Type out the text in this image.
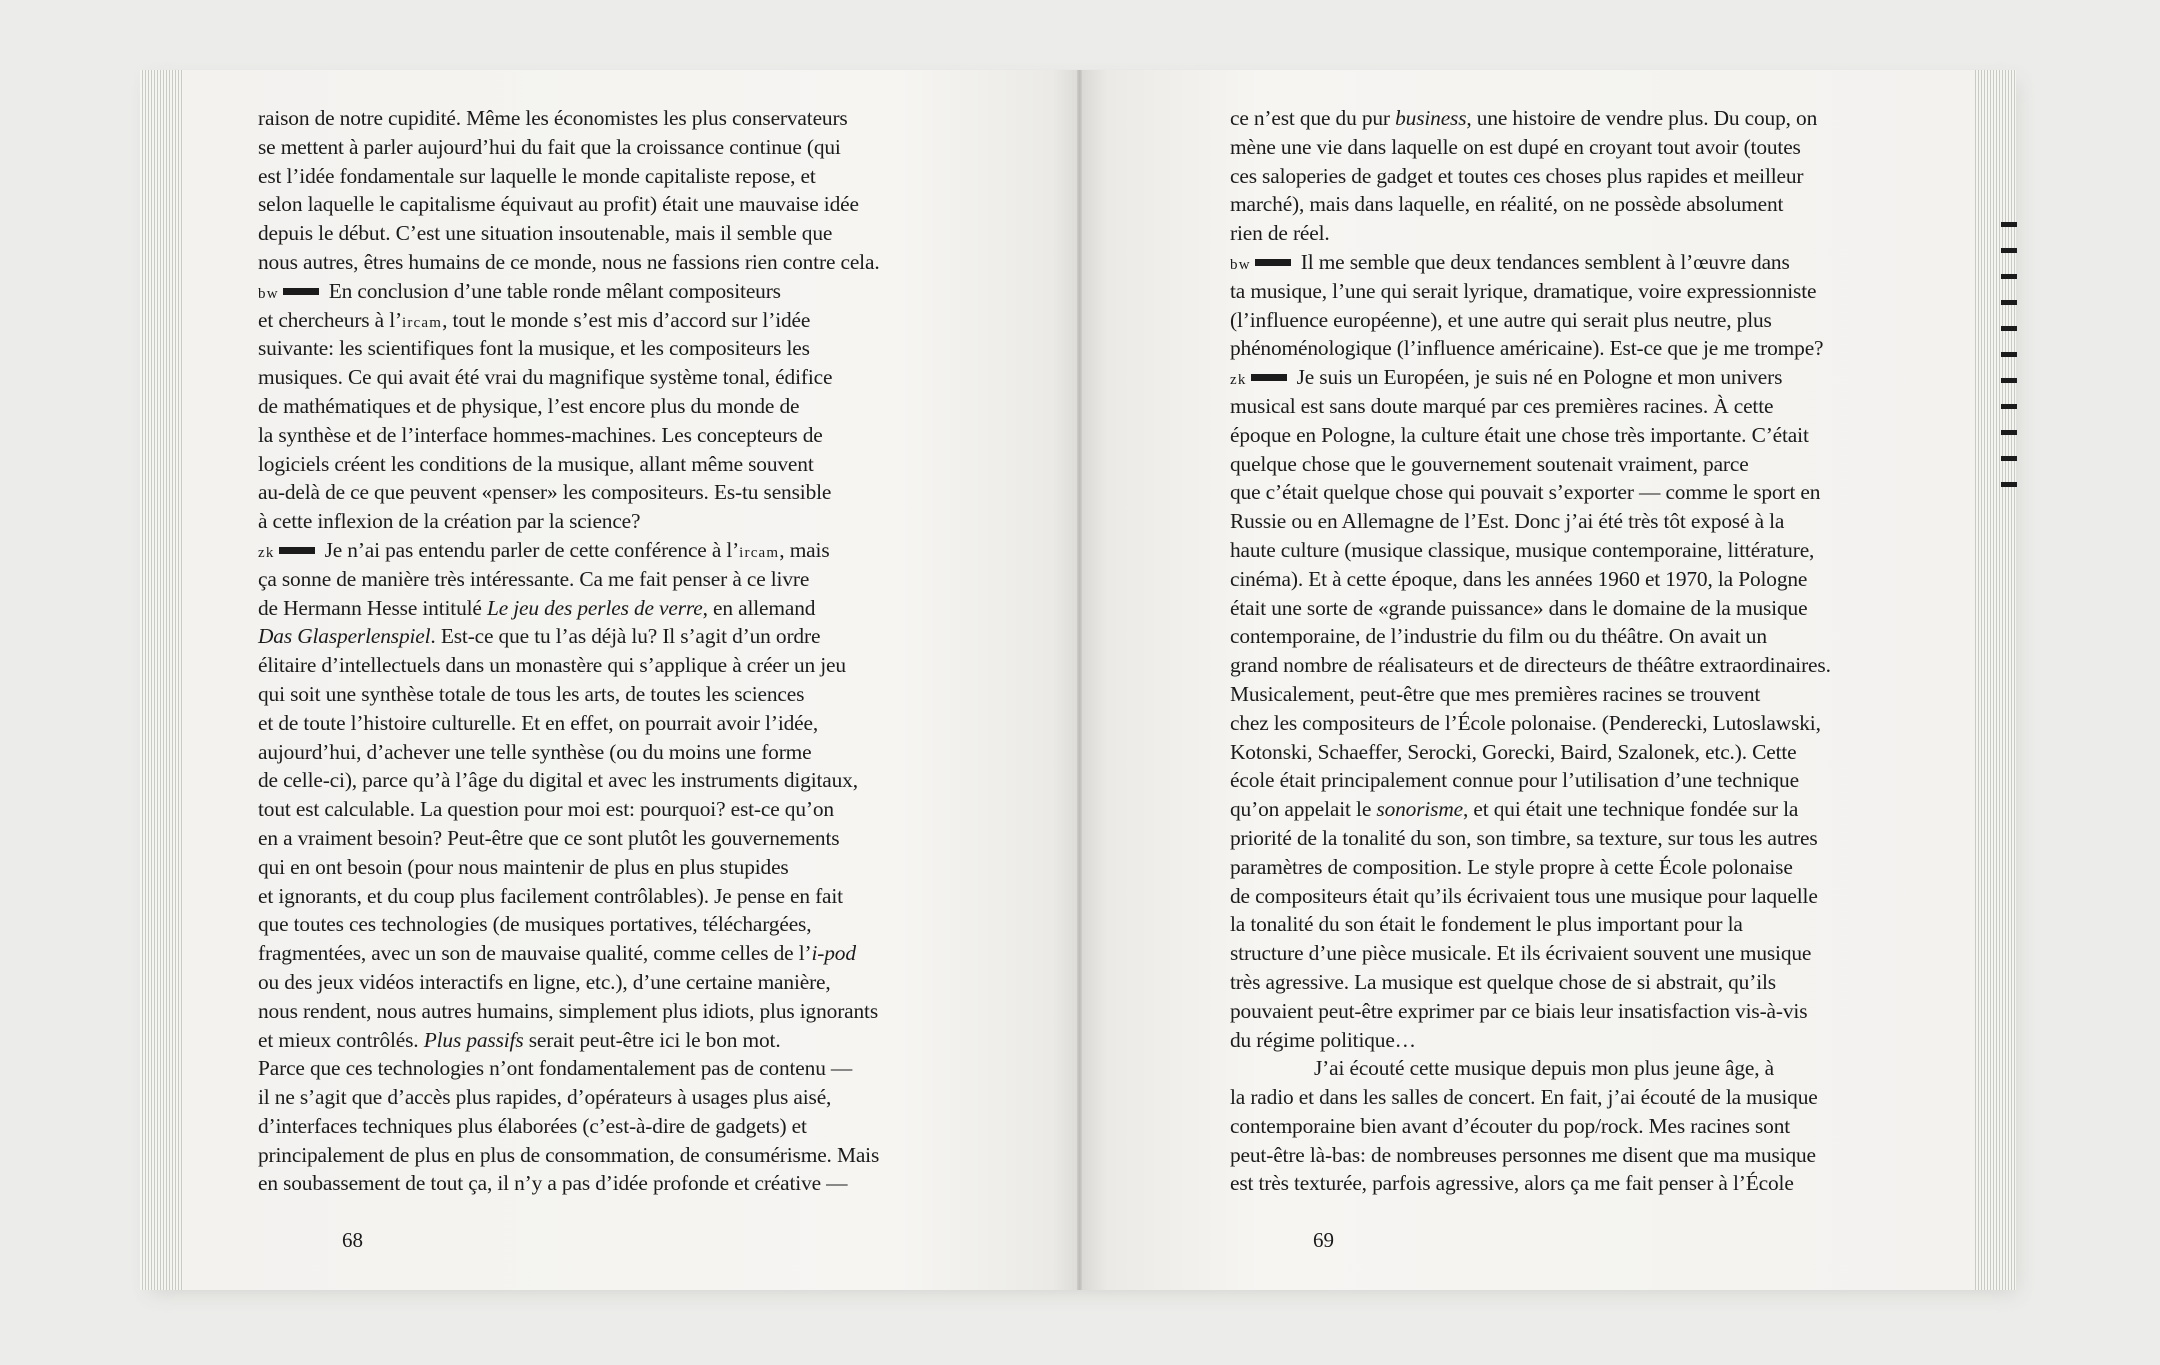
raison de notre cupidité. Même les économistes les plus conservateurs
se mettent à parler aujourd’hui du fait que la croissance continue (qui
est l’idée fondamentale sur laquelle le monde capitaliste repose, et
selon laquelle le capitalisme équivaut au profit) était une mauvaise idée
depuis le début. C’est une situation insoutenable, mais il semble que
nous autres, êtres humains de ce monde, nous ne fassions rien contre cela.
bw En conclusion d’une table ronde mêlant compositeurs
et chercheurs à l’ircam, tout le monde s’est mis d’accord sur l’idée
suivante: les scientifiques font la musique, et les compositeurs les
musiques. Ce qui avait été vrai du magnifique système tonal, édifice
de mathématiques et de physique, l’est encore plus du monde de
la synthèse et de l’interface hommes-machines. Les concepteurs de
logiciels créent les conditions de la musique, allant même souvent
au-delà de ce que peuvent «penser» les compositeurs. Es-tu sensible
à cette inflexion de la création par la science?
zk Je n’ai pas entendu parler de cette conférence à l’ircam, mais
ça sonne de manière très intéressante. Ca me fait penser à ce livre
de Hermann Hesse intitulé Le jeu des perles de verre, en allemand
Das Glasperlenspiel. Est-ce que tu l’as déjà lu? Il s’agit d’un ordre
élitaire d’intellectuels dans un monastère qui s’applique à créer un jeu
qui soit une synthèse totale de tous les arts, de toutes les sciences
et de toute l’histoire culturelle. Et en effet, on pourrait avoir l’idée,
aujourd’hui, d’achever une telle synthèse (ou du moins une forme
de celle-ci), parce qu’à l’âge du digital et avec les instruments digitaux,
tout est calculable. La question pour moi est: pourquoi? est-ce qu’on
en a vraiment besoin? Peut-être que ce sont plutôt les gouvernements
qui en ont besoin (pour nous maintenir de plus en plus stupides
et ignorants, et du coup plus facilement contrôlables). Je pense en fait
que toutes ces technologies (de musiques portatives, téléchargées,
fragmentées, avec un son de mauvaise qualité, comme celles de l’i-pod
ou des jeux vidéos interactifs en ligne, etc.), d’une certaine manière,
nous rendent, nous autres humains, simplement plus idiots, plus ignorants
et mieux contrôlés. Plus passifs serait peut-être ici le bon mot.
Parce que ces technologies n’ont fondamentalement pas de contenu —
il ne s’agit que d’accès plus rapides, d’opérateurs à usages plus aisé,
d’interfaces techniques plus élaborées (c’est-à-dire de gadgets) et
principalement de plus en plus de consommation, de consumérisme. Mais
en soubassement de tout ça, il n’y a pas d’idée profonde et créative —
ce n’est que du pur business, une histoire de vendre plus. Du coup, on
mène une vie dans laquelle on est dupé en croyant tout avoir (toutes
ces saloperies de gadget et toutes ces choses plus rapides et meilleur
marché), mais dans laquelle, en réalité, on ne possède absolument
rien de réel.
bw Il me semble que deux tendances semblent à l’œuvre dans
ta musique, l’une qui serait lyrique, dramatique, voire expressionniste
(l’influence européenne), et une autre qui serait plus neutre, plus
phénoménologique (l’influence américaine). Est-ce que je me trompe?
zk Je suis un Européen, je suis né en Pologne et mon univers
musical est sans doute marqué par ces premières racines. À cette
époque en Pologne, la culture était une chose très importante. C’était
quelque chose que le gouvernement soutenait vraiment, parce
que c’était quelque chose qui pouvait s’exporter — comme le sport en
Russie ou en Allemagne de l’Est. Donc j’ai été très tôt exposé à la
haute culture (musique classique, musique contemporaine, littérature,
cinéma). Et à cette époque, dans les années 1960 et 1970, la Pologne
était une sorte de «grande puissance» dans le domaine de la musique
contemporaine, de l’industrie du film ou du théâtre. On avait un
grand nombre de réalisateurs et de directeurs de théâtre extraordinaires.
Musicalement, peut-être que mes premières racines se trouvent
chez les compositeurs de l’École polonaise. (Penderecki, Lutoslawski,
Kotonski, Schaeffer, Serocki, Gorecki, Baird, Szalonek, etc.). Cette
école était principalement connue pour l’utilisation d’une technique
qu’on appelait le sonorisme, et qui était une technique fondée sur la
priorité de la tonalité du son, son timbre, sa texture, sur tous les autres
paramètres de composition. Le style propre à cette École polonaise
de compositeurs était qu’ils écrivaient tous une musique pour laquelle
la tonalité du son était le fondement le plus important pour la
structure d’une pièce musicale. Et ils écrivaient souvent une musique
très agressive. La musique est quelque chose de si abstrait, qu’ils
pouvaient peut-être exprimer par ce biais leur insatisfaction vis-à-vis
du régime politique…
J’ai écouté cette musique depuis mon plus jeune âge, à
la radio et dans les salles de concert. En fait, j’ai écouté de la musique
contemporaine bien avant d’écouter du pop/rock. Mes racines sont
peut-être là-bas: de nombreuses personnes me disent que ma musique
est très texturée, parfois agressive, alors ça me fait penser à l’École
68	69
